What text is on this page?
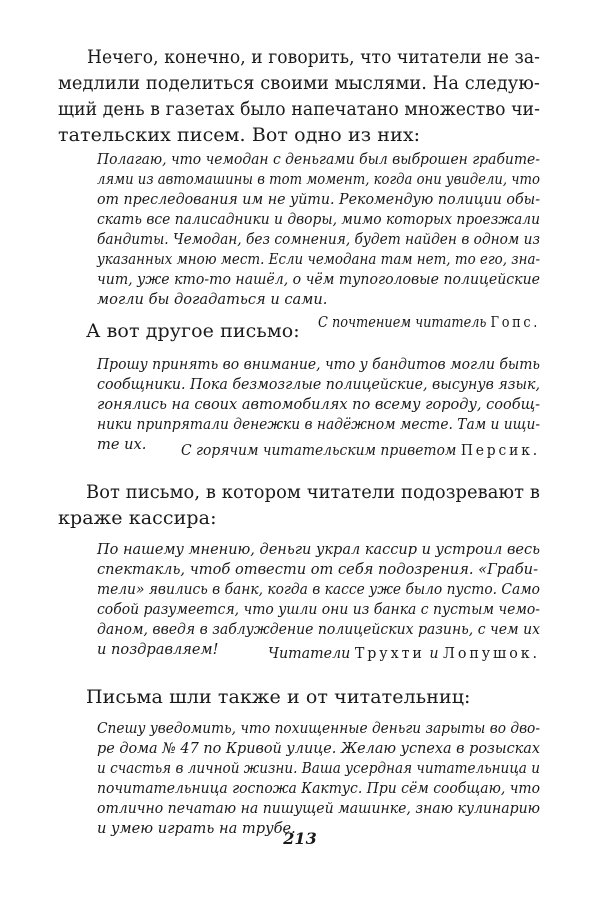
Нечего, конечно, и говорить, что читатели не за-
медлили поделиться своими мыслями. На следую-
щий день в газетах было напечатано множество чи-
тательских писем. Вот одно из них:
Полагаю, что чемодан с деньгами был выброшен грабите-
лями из автомашины в тот момент, когда они увидели, что
от преследования им не уйти. Рекомендую полиции обы-
скать все палисадники и дворы, мимо которых проезжали
бандиты. Чемодан, без сомнения, будет найден в одном из
указанных мною мест. Если чемодана там нет, то его, зна-
чит, уже кто-то нашёл, о чём тупоголовые полицейские
могли бы догадаться и сами.
С почтением читатель Гопс.
А вот другое письмо:
Прошу принять во внимание, что у бандитов могли быть
сообщники. Пока безмозглые полицейские, высунув язык,
гонялись на своих автомобилях по всему городу, сообщ-
ники припрятали денежки в надёжном месте. Там и ищи-
те их. С горячим читательским приветом Персик.
Вот письмо, в котором читатели подозревают в
краже кассира:
По нашему мнению, деньги украл кассир и устроил весь
спектакль, чтоб отвести от себя подозрения. «Граби-
тели» явились в банк, когда в кассе уже было пусто. Само
собой разумеется, что ушли они из банка с пустым чемо-
даном, введя в заблуждение полицейских разинь, с чем их
и поздравляем!	Читатели Трухти и Лопушок.
Письма шли также и от читательниц:
Спешу уведомить, что похищенные деньги зарыты во дво-
ре дома № 47 по Кривой улице. Желаю успеха в розысках
и счастья в личной жизни. Ваша усердная читательница и
почитательница госпожа Кактус. При сём сообщаю, что
отлично печатаю на пишущей машинке, знаю кулинарию
и умею играть на трубе.
213
